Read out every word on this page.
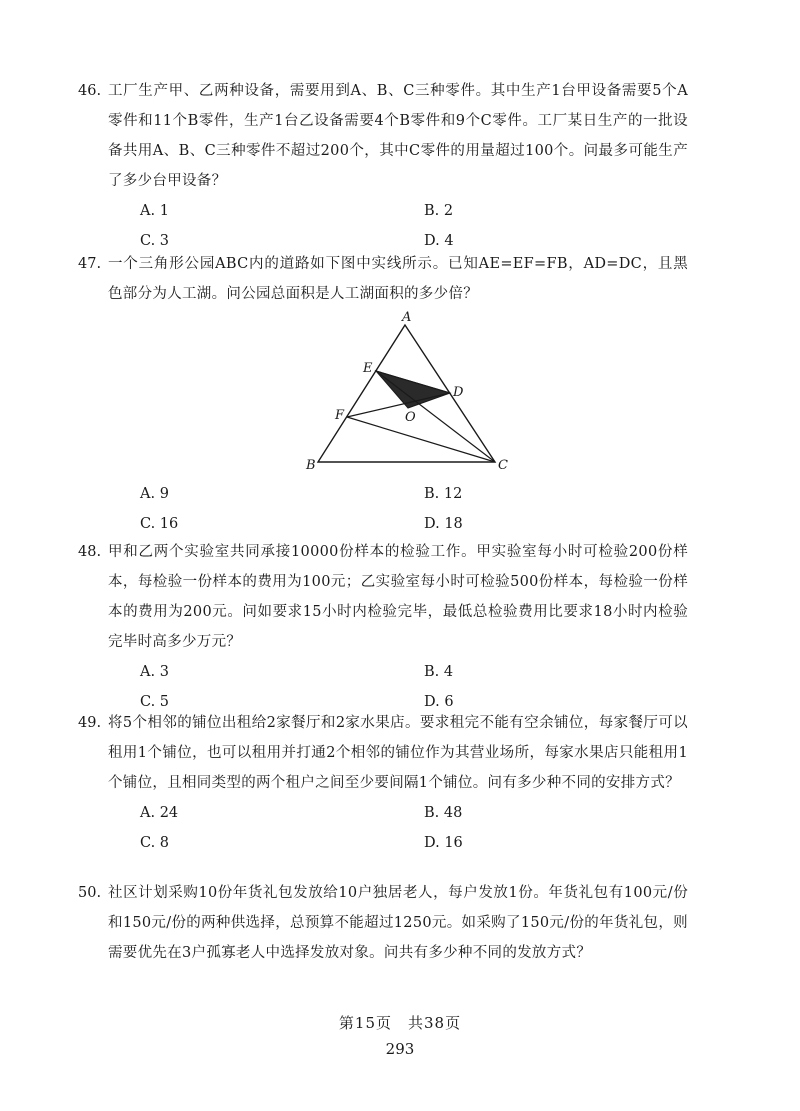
46. 工厂生产甲、乙两种设备，需要用到A、B、C三种零件。其中生产1台甲设备需要5个A零件和11个B零件，生产1台乙设备需要4个B零件和9个C零件。工厂某日生产的一批设备共用A、B、C三种零件不超过200个，其中C零件的用量超过100个。问最多可能生产了多少台甲设备？

A. 1	B. 2
C. 3	D. 4
47. 一个三角形公园ABC内的道路如下图中实线所示。已知AE=EF=FB，AD=DC，且黑色部分为人工湖。问公园总面积是人工湖面积的多少倍？

A
B	C
D
E
F	O
A. 9	B. 12
C. 16	D. 18
48. 甲和乙两个实验室共同承接10000份样本的检验工作。甲实验室每小时可检验200份样本，每检验一份样本的费用为100元；乙实验室每小时可检验500份样本，每检验一份样本的费用为200元。问如要求15小时内检验完毕，最低总检验费用比要求18小时内检验完毕时高多少万元？

A. 3	B. 4
C. 5	D. 6
49. 将5个相邻的铺位出租给2家餐厅和2家水果店。要求租完不能有空余铺位，每家餐厅可以租用1个铺位，也可以租用并打通2个相邻的铺位作为其营业场所，每家水果店只能租用1个铺位，且相同类型的两个租户之间至少要间隔1个铺位。问有多少种不同的安排方式？

A. 24	B. 48
C. 8	D. 16
50. 社区计划采购10份年货礼包发放给10户独居老人，每户发放1份。年货礼包有100元/份和150元/份的两种供选择，总预算不能超过1250元。如采购了150元/份的年货礼包，则需要优先在3户孤寡老人中选择发放对象。问共有多少种不同的发放方式？

第15页　共38页
293
